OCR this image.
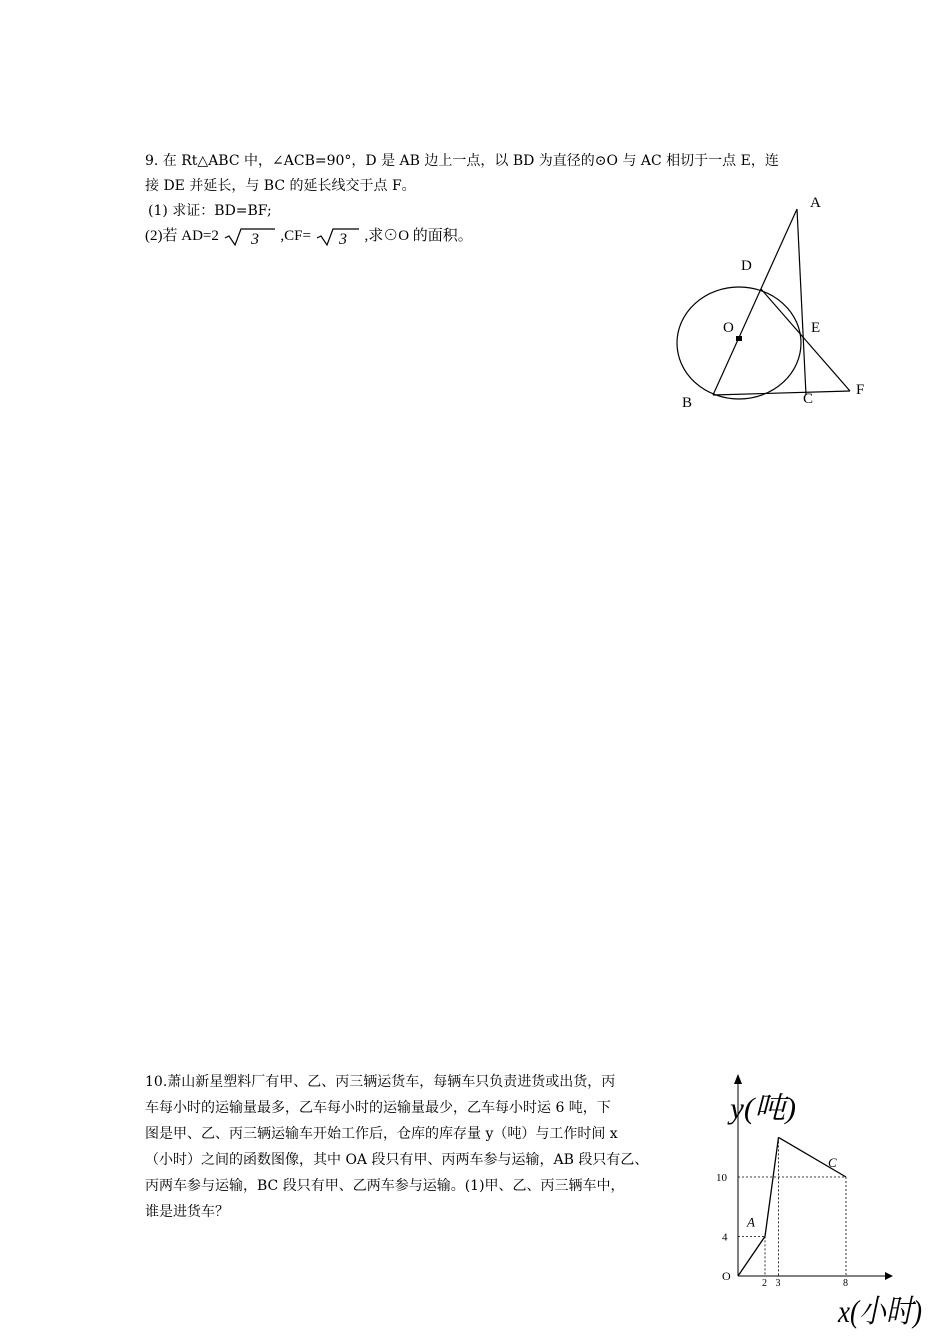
9. 在 Rt△ABC 中，∠ACB=90°，D 是 AB 边上一点，以 BD 为直径的⊙O 与 AC 相切于一点 E，连
接 DE 并延长，与 BC 的延长线交于点 F。
(1) 求证：BD=BF;
(2)若 AD=2 3 ,CF= 3 ,求⊙O 的面积。
A
D
O	E
B	C
F
10.萧山新星塑料厂有甲、乙、丙三辆运货车，每辆车只负责进货或出货，丙
车每小时的运输量最多，乙车每小时的运输量最少，乙车每小时运 6 吨，下
图是甲、乙、丙三辆运输车开始工作后，仓库的库存量 y（吨）与工作时间 x
（小时）之间的函数图像，其中 OA 段只有甲、丙两车参与运输，AB 段只有乙、
丙两车参与运输，BC 段只有甲、乙两车参与运输。(1)甲、乙、丙三辆车中，
谁是进货车？
A
C
2 3	8
4
10
y(吨)
x(小时)
O
